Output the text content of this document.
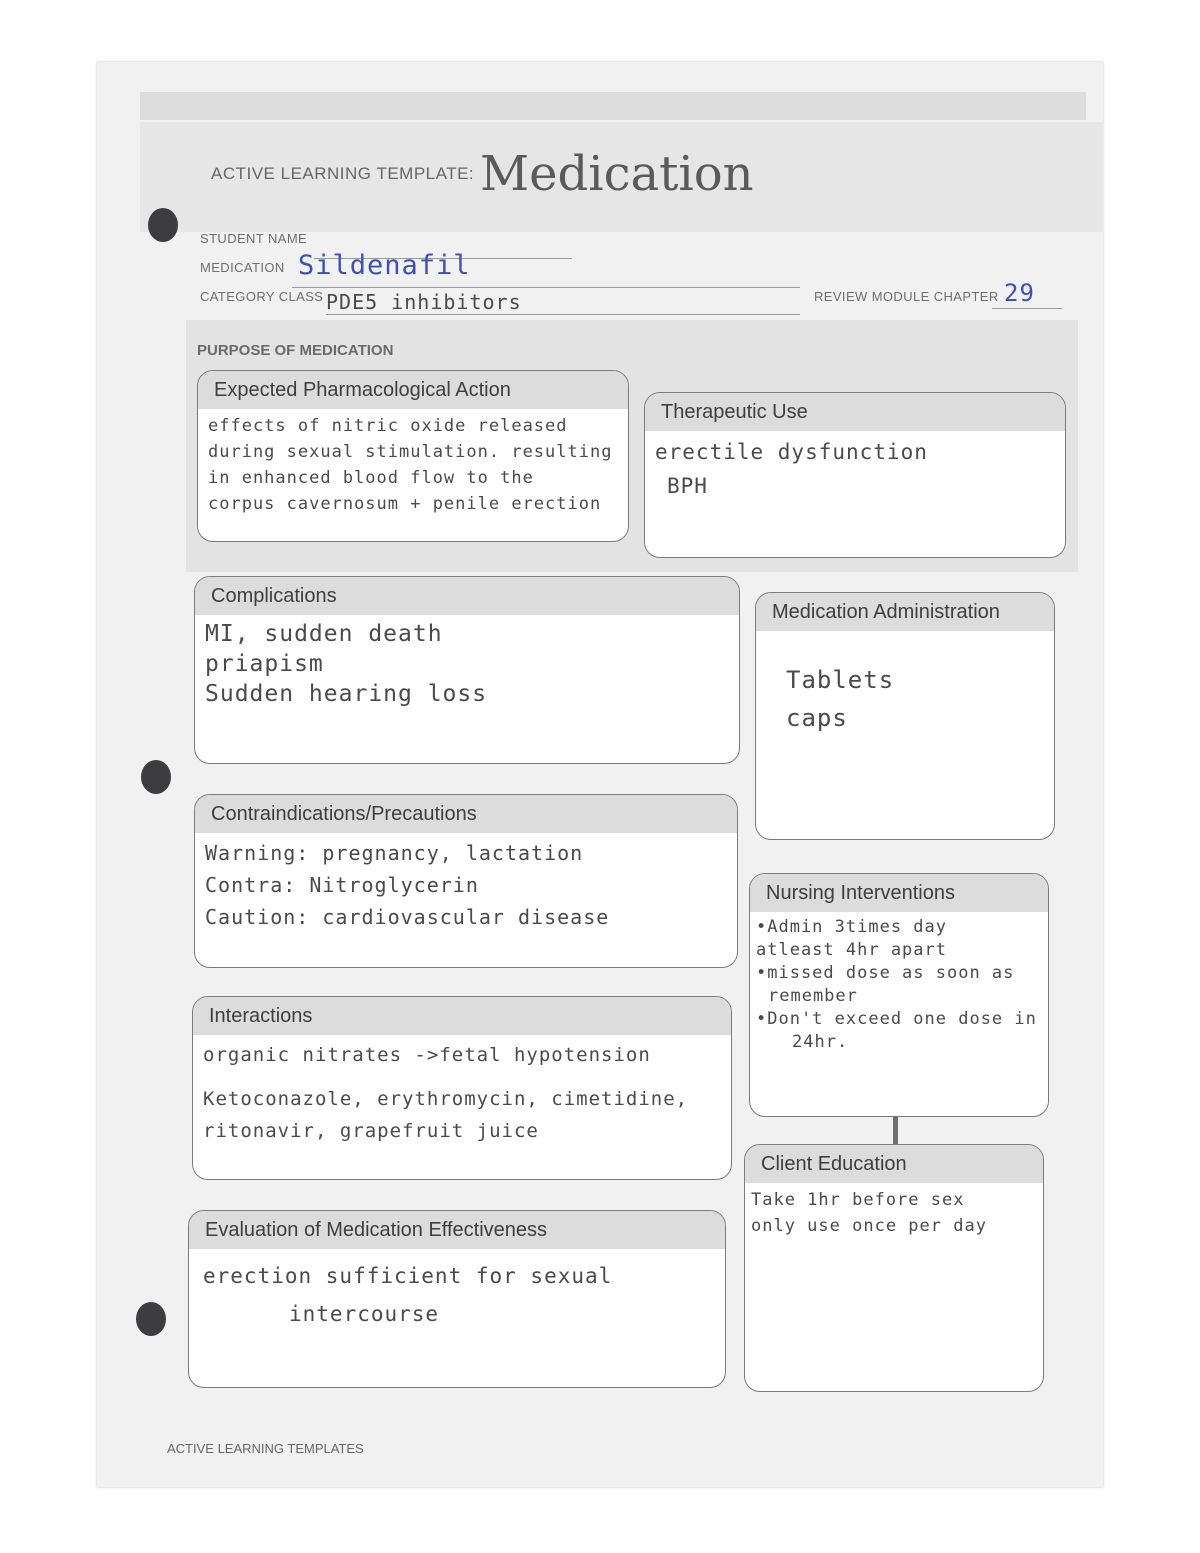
ACTIVE LEARNING TEMPLATE: Medication
STUDENT NAME
MEDICATION Sildenafil
CATEGORY CLASS PDE5 inhibitors	REVIEW MODULE CHAPTER 29
PURPOSE OF MEDICATION
Expected Pharmacological Action
effects of nitric oxide released
during sexual stimulation. resulting
in enhanced blood flow to the
corpus cavernosum + penile erection
Therapeutic Use
erectile dysfunction
BPH
Complications
MI, sudden death
priapism
Sudden hearing loss
Medication Administration
Tablets
caps
Contraindications/Precautions
Warning: pregnancy, lactation
Contra: Nitroglycerin
Caution: cardiovascular disease
Nursing Interventions
•Admin 3times day
atleast 4hr apart
•missed dose as soon as
remember
•Don't exceed one dose in
24hr.
Interactions
organic nitrates ->fetal hypotension
Ketoconazole, erythromycin, cimetidine,
ritonavir, grapefruit juice
Client Education
Take 1hr before sex
only use once per day
Evaluation of Medication Effectiveness
erection sufficient for sexual
intercourse
ACTIVE LEARNING TEMPLATES
